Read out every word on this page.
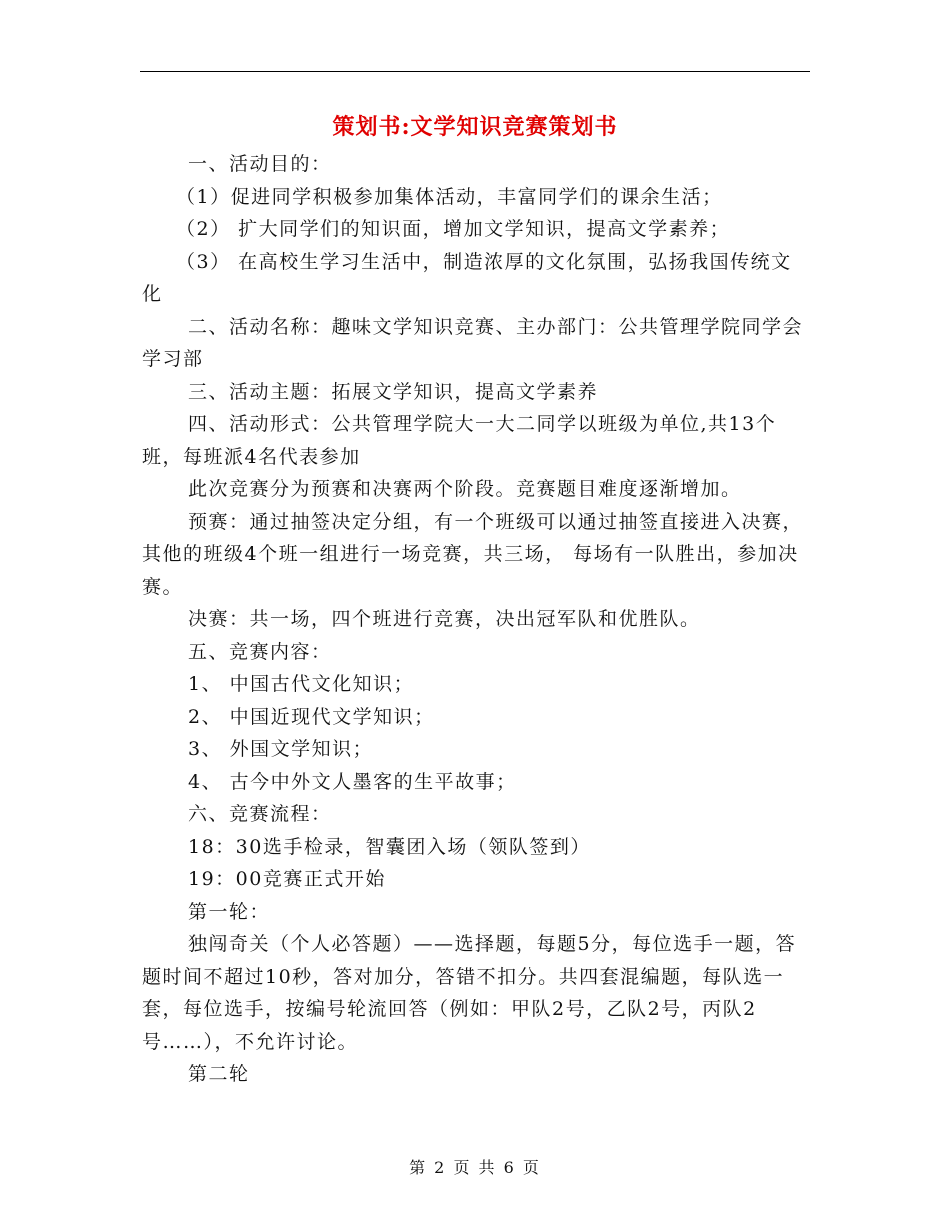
策划书:文学知识竞赛策划书

一、活动目的：

（1）促进同学积极参加集体活动，丰富同学们的课余生活；

（2） 扩大同学们的知识面，增加文学知识，提高文学素养；

（3） 在高校生学习生活中，制造浓厚的文化氛围，弘扬我国传统文化

二、活动名称：趣味文学知识竞赛、主办部门：公共管理学院同学会学习部

三、活动主题：拓展文学知识，提高文学素养

四、活动形式：公共管理学院大一大二同学以班级为单位,共13个班，每班派4名代表参加

此次竞赛分为预赛和决赛两个阶段。竞赛题目难度逐渐增加。

预赛：通过抽签决定分组，有一个班级可以通过抽签直接进入决赛，其他的班级4个班一组进行一场竞赛，共三场， 每场有一队胜出，参加决赛。

决赛：共一场，四个班进行竞赛，决出冠军队和优胜队。

五、竞赛内容：

1、 中国古代文化知识；

2、 中国近现代文学知识；

3、 外国文学知识；

4、 古今中外文人墨客的生平故事；

六、竞赛流程：

18：30选手检录，智囊团入场（领队签到）

19：00竞赛正式开始

第一轮：

独闯奇关（个人必答题）——选择题，每题5分，每位选手一题，答题时间不超过10秒，答对加分，答错不扣分。共四套混编题，每队选一套，每位选手，按编号轮流回答（例如：甲队2号，乙队2号，丙队2号……），不允许讨论。

第二轮

第 2 页 共 6 页
